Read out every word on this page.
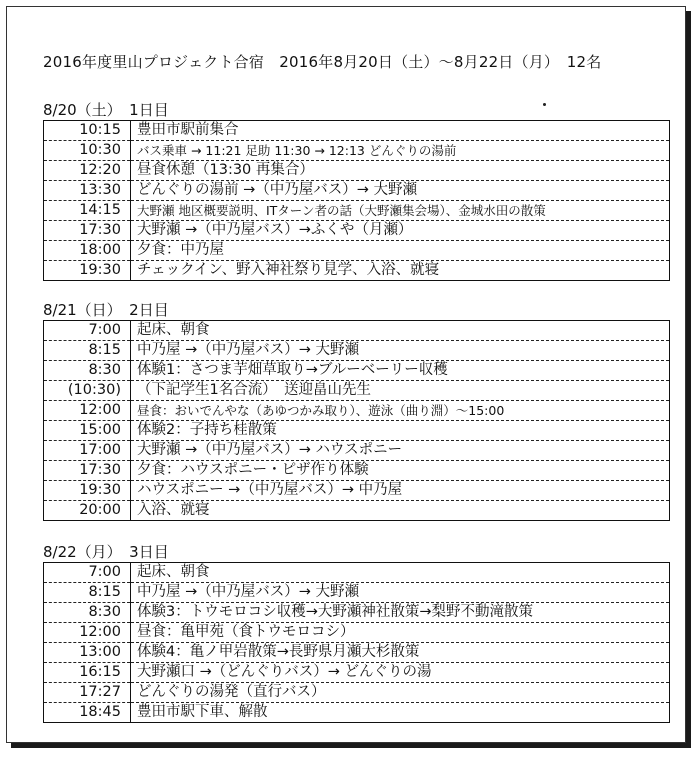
2016年度里山プロジェクト合宿　2016年8月20日（土）〜8月22日（月）　12名
8/20（土）　1日目
10:15	豊田市駅前集合
10:30	バス乗車 → 11:21 足助 11:30 → 12:13 どんぐりの湯前
12:20	昼食休憩（13:30 再集合）
13:30	どんぐりの湯前 →（中乃屋バス）→ 大野瀬
14:15	大野瀬 地区概要説明、ITターン者の話（大野瀬集会場）、金城水田の散策
17:30	大野瀬 →（中乃屋バス）→ふくや（月瀬）
18:00	夕食：中乃屋
19:30	チェックイン、野入神社祭り見学、入浴、就寝
8/21（日）　2日目
7:00	起床、朝食
8:15	中乃屋 →（中乃屋バス）→ 大野瀬
8:30	体験1：さつま芋畑草取り→ブルーベーリー収穫
(10:30)	（下記学生1名合流）　送迎畠山先生
12:00	昼食：おいでんやな（あゆつかみ取り）、遊泳（曲り淵）〜15:00
15:00	体験2：子持ち桂散策
17:00	大野瀬 →（中乃屋バス）→ ハウスポニー
17:30	夕食：ハウスポニー・ピザ作り体験
19:30	ハウスポニー →（中乃屋バス）→ 中乃屋
20:00	入浴、就寝
8/22（月）　3日目
7:00	起床、朝食
8:15	中乃屋 →（中乃屋バス）→ 大野瀬
8:30	体験3：トウモロコシ収穫→大野瀬神社散策→梨野不動滝散策
12:00	昼食：亀甲苑（食トウモロコシ）
13:00	体験4：亀ノ甲岩散策→長野県月瀬大杉散策
16:15	大野瀬口 →（どんぐりバス）→ どんぐりの湯
17:27	どんぐりの湯発（直行バス）
18:45	豊田市駅下車、解散
